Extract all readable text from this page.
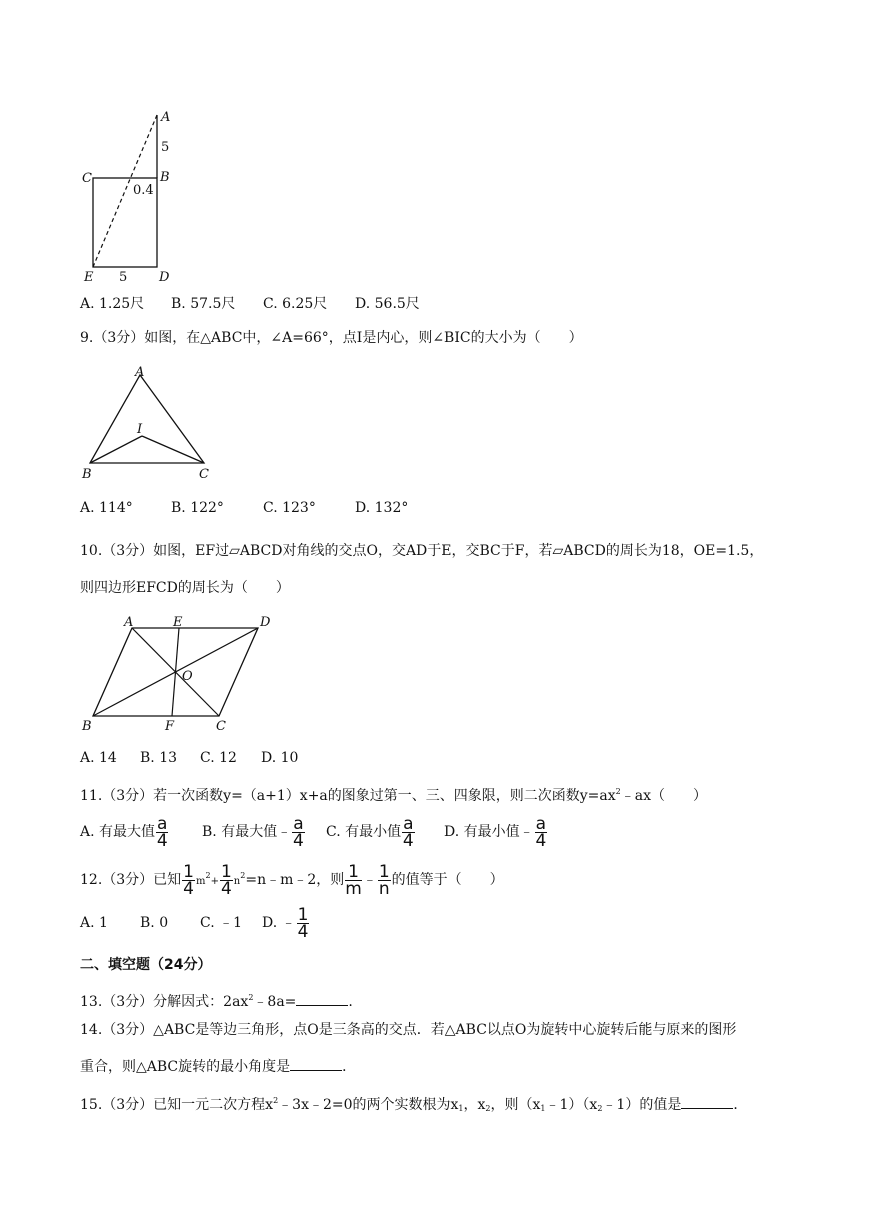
A
B
C
D
E
5
0.4
5
A. 1.25尺 B. 57.5尺 C. 6.25尺 D. 56.5尺
9.（3分）如图，在△ABC中，∠A=66°，点I是内心，则∠BIC的大小为（　　）
A
B	C
I
A. 114°	B. 122°	C. 123°	D. 132°
10.（3分）如图，EF过▱ABCD对角线的交点O，交AD于E，交BC于F，若▱ABCD的周长为18，OE=1.5，
则四边形EFCD的周长为（　　）
A	E	D
O
B	F	C
A. 14 B. 13 C. 12 D. 10
11.（3分）若一次函数y=（a+1）x+a的图象过第一、三、四象限，则二次函数$y=ax^2﹣ax$（　　）
A. 有最大值 $\frac{a}{4} B$. 有最大值﹣ $\frac{a}{4} C$. 有最小值 $\frac{a}{4} D$. 有最小值﹣ $\frac{a}{4}$
12.（3分）已知 $\frac{1}{4} m^2+ \frac{1}{4}$ $n^2=n﹣m﹣2$，则 $\frac{1}{m}$ ﹣ $\frac{1}{n}$ 的值等于（　　）
A. 1 B. 0 C. ﹣1 D. ﹣ $\frac{1}{4}$
二、填空题（24分）
13.（3分）分解因式：$2ax^2﹣8a=$	.
14.（3分）△ABC是等边三角形，点O是三条高的交点．若△ABC以点O为旋转中心旋转后能与原来的图形
重合，则△ABC旋转的最小角度是	．
15.（3分）已知一元二次方程$x^2﹣3x﹣2=0$的两个实数根为$x_1$，$x_2$，则$(x_1﹣1)(x_2﹣1)$的值是	．
